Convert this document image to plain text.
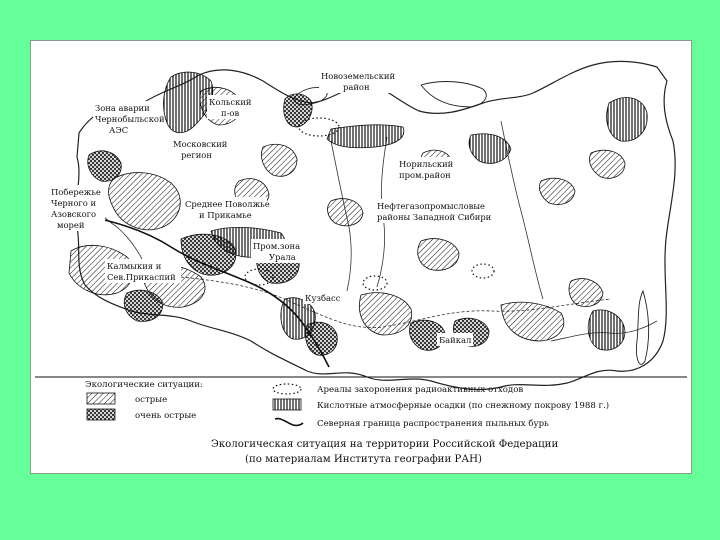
Новоземельский
район
Кольский
п-ов
Зона аварии
Чернобыльской
АЭС
Московский
регион
Норильский
пром.район
Побережье
Черного и
Азовского
морей
Среднее Поволжье
и Прикамье
Нефтегазопромысловые
районы Западной Сибири
Пром.зона
Урала
Калмыкия и
Сев.Прикаспий
Кузбасс
Байкал
Экологические ситуации:
острые
очень острые
Ареалы захоронения радиоактивных отходов
Кислотные атмосферные осадки (по снежному покрову 1988 г.)
Северная граница распространения пыльных бурь
Экологическая ситуация на территории Российской Федерации
(по материалам Института географии РАН)
